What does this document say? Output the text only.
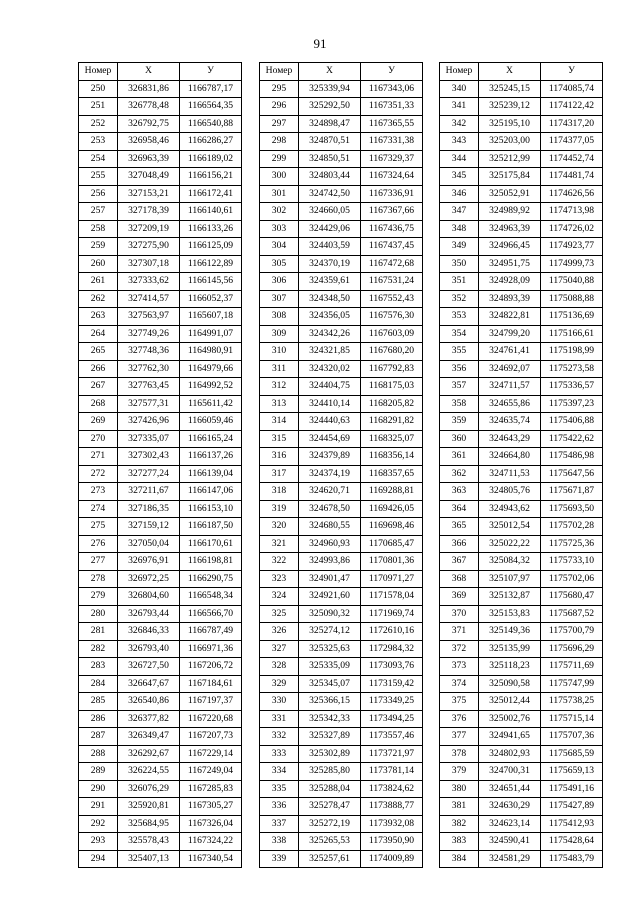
91
Номер	X	У
250	326831,86	1166787,17
251	326778,48	1166564,35
252	326792,75	1166540,88
253	326958,46	1166286,27
254	326963,39	1166189,02
255	327048,49	1166156,21
256	327153,21	1166172,41
257	327178,39	1166140,61
258	327209,19	1166133,26
259	327275,90	1166125,09
260	327307,18	1166122,89
261	327333,62	1166145,56
262	327414,57	1166052,37
263	327563,97	1165607,18
264	327749,26	1164991,07
265	327748,36	1164980,91
266	327762,30	1164979,66
267	327763,45	1164992,52
268	327577,31	1165611,42
269	327426,96	1166059,46
270	327335,07	1166165,24
271	327302,43	1166137,26
272	327277,24	1166139,04
273	327211,67	1166147,06
274	327186,35	1166153,10
275	327159,12	1166187,50
276	327050,04	1166170,61
277	326976,91	1166198,81
278	326972,25	1166290,75
279	326804,60	1166548,34
280	326793,44	1166566,70
281	326846,33	1166787,49
282	326793,40	1166971,36
283	326727,50	1167206,72
284	326647,67	1167184,61
285	326540,86	1167197,37
286	326377,82	1167220,68
287	326349,47	1167207,73
288	326292,67	1167229,14
289	326224,55	1167249,04
290	326076,29	1167285,83
291	325920,81	1167305,27
292	325684,95	1167326,04
293	325578,43	1167324,22
294	325407,13	1167340,54
Номер	X	У
295	325339,94	1167343,06
296	325292,50	1167351,33
297	324898,47	1167365,55
298	324870,51	1167331,38
299	324850,51	1167329,37
300	324803,44	1167324,64
301	324742,50	1167336,91
302	324660,05	1167367,66
303	324429,06	1167436,75
304	324403,59	1167437,45
305	324370,19	1167472,68
306	324359,61	1167531,24
307	324348,50	1167552,43
308	324356,05	1167576,30
309	324342,26	1167603,09
310	324321,85	1167680,20
311	324320,02	1167792,83
312	324404,75	1168175,03
313	324410,14	1168205,82
314	324440,63	1168291,82
315	324454,69	1168325,07
316	324379,89	1168356,14
317	324374,19	1168357,65
318	324620,71	1169288,81
319	324678,50	1169426,05
320	324680,55	1169698,46
321	324960,93	1170685,47
322	324993,86	1170801,36
323	324901,47	1170971,27
324	324921,60	1171578,04
325	325090,32	1171969,74
326	325274,12	1172610,16
327	325325,63	1172984,32
328	325335,09	1173093,76
329	325345,07	1173159,42
330	325366,15	1173349,25
331	325342,33	1173494,25
332	325327,89	1173557,46
333	325302,89	1173721,97
334	325285,80	1173781,14
335	325288,04	1173824,62
336	325278,47	1173888,77
337	325272,19	1173932,08
338	325265,53	1173950,90
339	325257,61	1174009,89
Номер	X	У
340	325245,15	1174085,74
341	325239,12	1174122,42
342	325195,10	1174317,20
343	325203,00	1174377,05
344	325212,99	1174452,74
345	325175,84	1174481,74
346	325052,91	1174626,56
347	324989,92	1174713,98
348	324963,39	1174726,02
349	324966,45	1174923,77
350	324951,75	1174999,73
351	324928,09	1175040,88
352	324893,39	1175088,88
353	324822,81	1175136,69
354	324799,20	1175166,61
355	324761,41	1175198,99
356	324692,07	1175273,58
357	324711,57	1175336,57
358	324655,86	1175397,23
359	324635,74	1175406,88
360	324643,29	1175422,62
361	324664,80	1175486,98
362	324711,53	1175647,56
363	324805,76	1175671,87
364	324943,62	1175693,50
365	325012,54	1175702,28
366	325022,22	1175725,36
367	325084,32	1175733,10
368	325107,97	1175702,06
369	325132,87	1175680,47
370	325153,83	1175687,52
371	325149,36	1175700,79
372	325135,99	1175696,29
373	325118,23	1175711,69
374	325090,58	1175747,99
375	325012,44	1175738,25
376	325002,76	1175715,14
377	324941,65	1175707,36
378	324802,93	1175685,59
379	324700,31	1175659,13
380	324651,44	1175491,16
381	324630,29	1175427,89
382	324623,14	1175412,93
383	324590,41	1175428,64
384	324581,29	1175483,79
